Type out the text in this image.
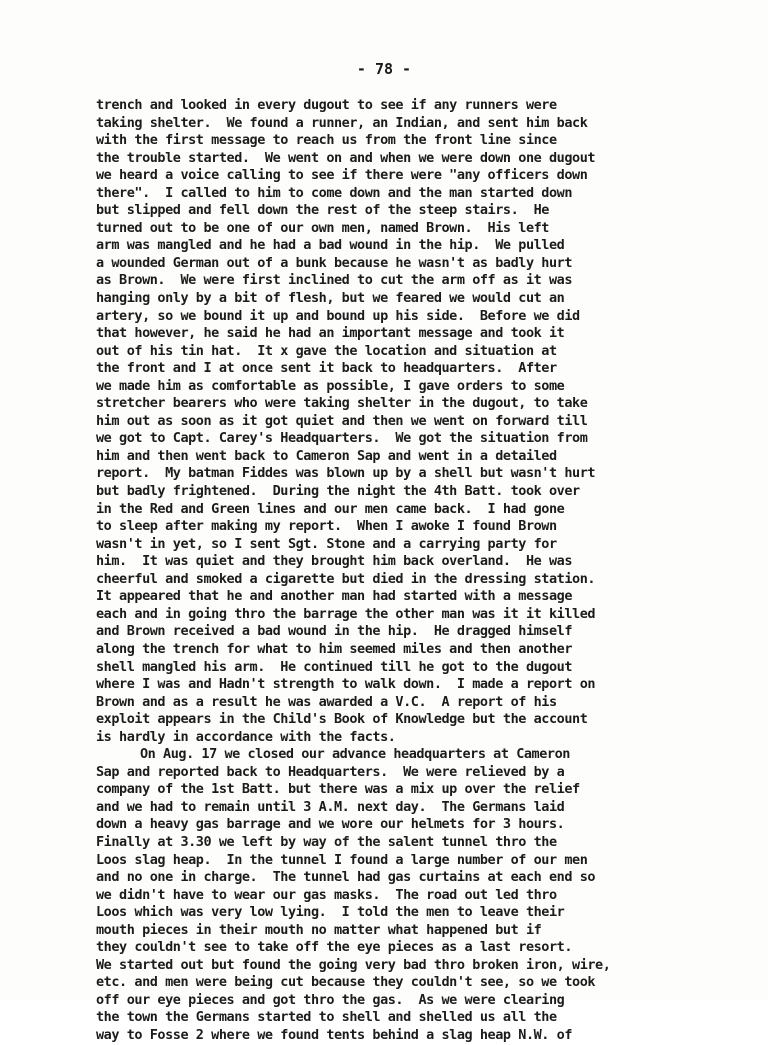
- 78 -
trench and looked in every dugout to see if any runners were
taking shelter.  We found a runner, an Indian, and sent him back
with the first message to reach us from the front line since
the trouble started.  We went on and when we were down one dugout
we heard a voice calling to see if there were "any officers down
there".  I called to him to come down and the man started down
but slipped and fell down the rest of the steep stairs.  He
turned out to be one of our own men, named Brown.  His left
arm was mangled and he had a bad wound in the hip.  We pulled
a wounded German out of a bunk because he wasn't as badly hurt
as Brown.  We were first inclined to cut the arm off as it was
hanging only by a bit of flesh, but we feared we would cut an
artery, so we bound it up and bound up his side.  Before we did
that however, he said he had an important message and took it
out of his tin hat.  It x gave the location and situation at
the front and I at once sent it back to headquarters.  After
we made him as comfortable as possible, I gave orders to some
stretcher bearers who were taking shelter in the dugout, to take
him out as soon as it got quiet and then we went on forward till
we got to Capt. Carey's Headquarters.  We got the situation from
him and then went back to Cameron Sap and went in a detailed
report.  My batman Fiddes was blown up by a shell but wasn't hurt
but badly frightened.  During the night the 4th Batt. took over
in the Red and Green lines and our men came back.  I had gone
to sleep after making my report.  When I awoke I found Brown
wasn't in yet, so I sent Sgt. Stone and a carrying party for
him.  It was quiet and they brought him back overland.  He was
cheerful and smoked a cigarette but died in the dressing station.
It appeared that he and another man had started with a message
each and in going thro the barrage the other man was it it killed
and Brown received a bad wound in the hip.  He dragged himself
along the trench for what to him seemed miles and then another
shell mangled his arm.  He continued till he got to the dugout
where I was and Hadn't strength to walk down.  I made a report on
Brown and as a result he was awarded a V.C.  A report of his
exploit appears in the Child's Book of Knowledge but the account
is hardly in accordance with the facts.
On Aug. 17 we closed our advance headquarters at Cameron
Sap and reported back to Headquarters.  We were relieved by a
company of the 1st Batt. but there was a mix up over the relief
and we had to remain until 3 A.M. next day.  The Germans laid
down a heavy gas barrage and we wore our helmets for 3 hours.
Finally at 3.30 we left by way of the salent tunnel thro the
Loos slag heap.  In the tunnel I found a large number of our men
and no one in charge.  The tunnel had gas curtains at each end so
we didn't have to wear our gas masks.  The road out led thro
Loos which was very low lying.  I told the men to leave their
mouth pieces in their mouth no matter what happened but if
they couldn't see to take off the eye pieces as a last resort.
We started out but found the going very bad thro broken iron, wire,
etc. and men were being cut because they couldn't see, so we took
off our eye pieces and got thro the gas.  As we were clearing
the town the Germans started to shell and shelled us all the
way to Fosse 2 where we found tents behind a slag heap N.W. of
